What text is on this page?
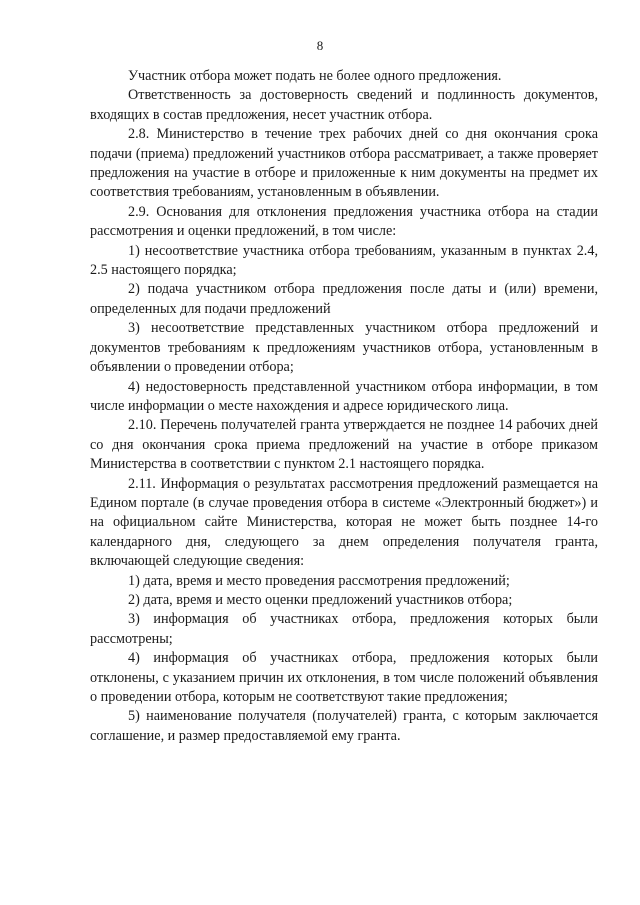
8

Участник отбора может подать не более одного предложения.

Ответственность за достоверность сведений и подлинность документов, входящих в состав предложения, несет участник отбора.

2.8. Министерство в течение трех рабочих дней со дня окончания срока подачи (приема) предложений участников отбора рассматривает, а также проверяет предложения на участие в отборе и приложенные к ним документы на предмет их соответствия требованиям, установленным в объявлении.

2.9. Основания для отклонения предложения участника отбора на стадии рассмотрения и оценки предложений, в том числе:

1) несоответствие участника отбора требованиям, указанным в пунктах 2.4, 2.5 настоящего порядка;

2) подача участником отбора предложения после даты и (или) времени, определенных для подачи предложений

3) несоответствие представленных участником отбора предложений и документов требованиям к предложениям участников отбора, установленным в объявлении о проведении отбора;

4) недостоверность представленной участником отбора информации, в том числе информации о месте нахождения и адресе юридического лица.

2.10. Перечень получателей гранта утверждается не позднее 14 рабочих дней со дня окончания срока приема предложений на участие в отборе приказом Министерства в соответствии с пунктом 2.1 настоящего порядка.

2.11. Информация о результатах рассмотрения предложений размещается на Едином портале (в случае проведения отбора в системе «Электронный бюджет») и на официальном сайте Министерства, которая не может быть позднее 14-го календарного дня, следующего за днем определения получателя гранта, включающей следующие сведения:

1) дата, время и место проведения рассмотрения предложений;

2) дата, время и место оценки предложений участников отбора;

3) информация об участниках отбора, предложения которых были рассмотрены;

4) информация об участниках отбора, предложения которых были отклонены, с указанием причин их отклонения, в том числе положений объявления о проведении отбора, которым не соответствуют такие предложения;

5) наименование получателя (получателей) гранта, с которым заключается соглашение, и размер предоставляемой ему гранта.
